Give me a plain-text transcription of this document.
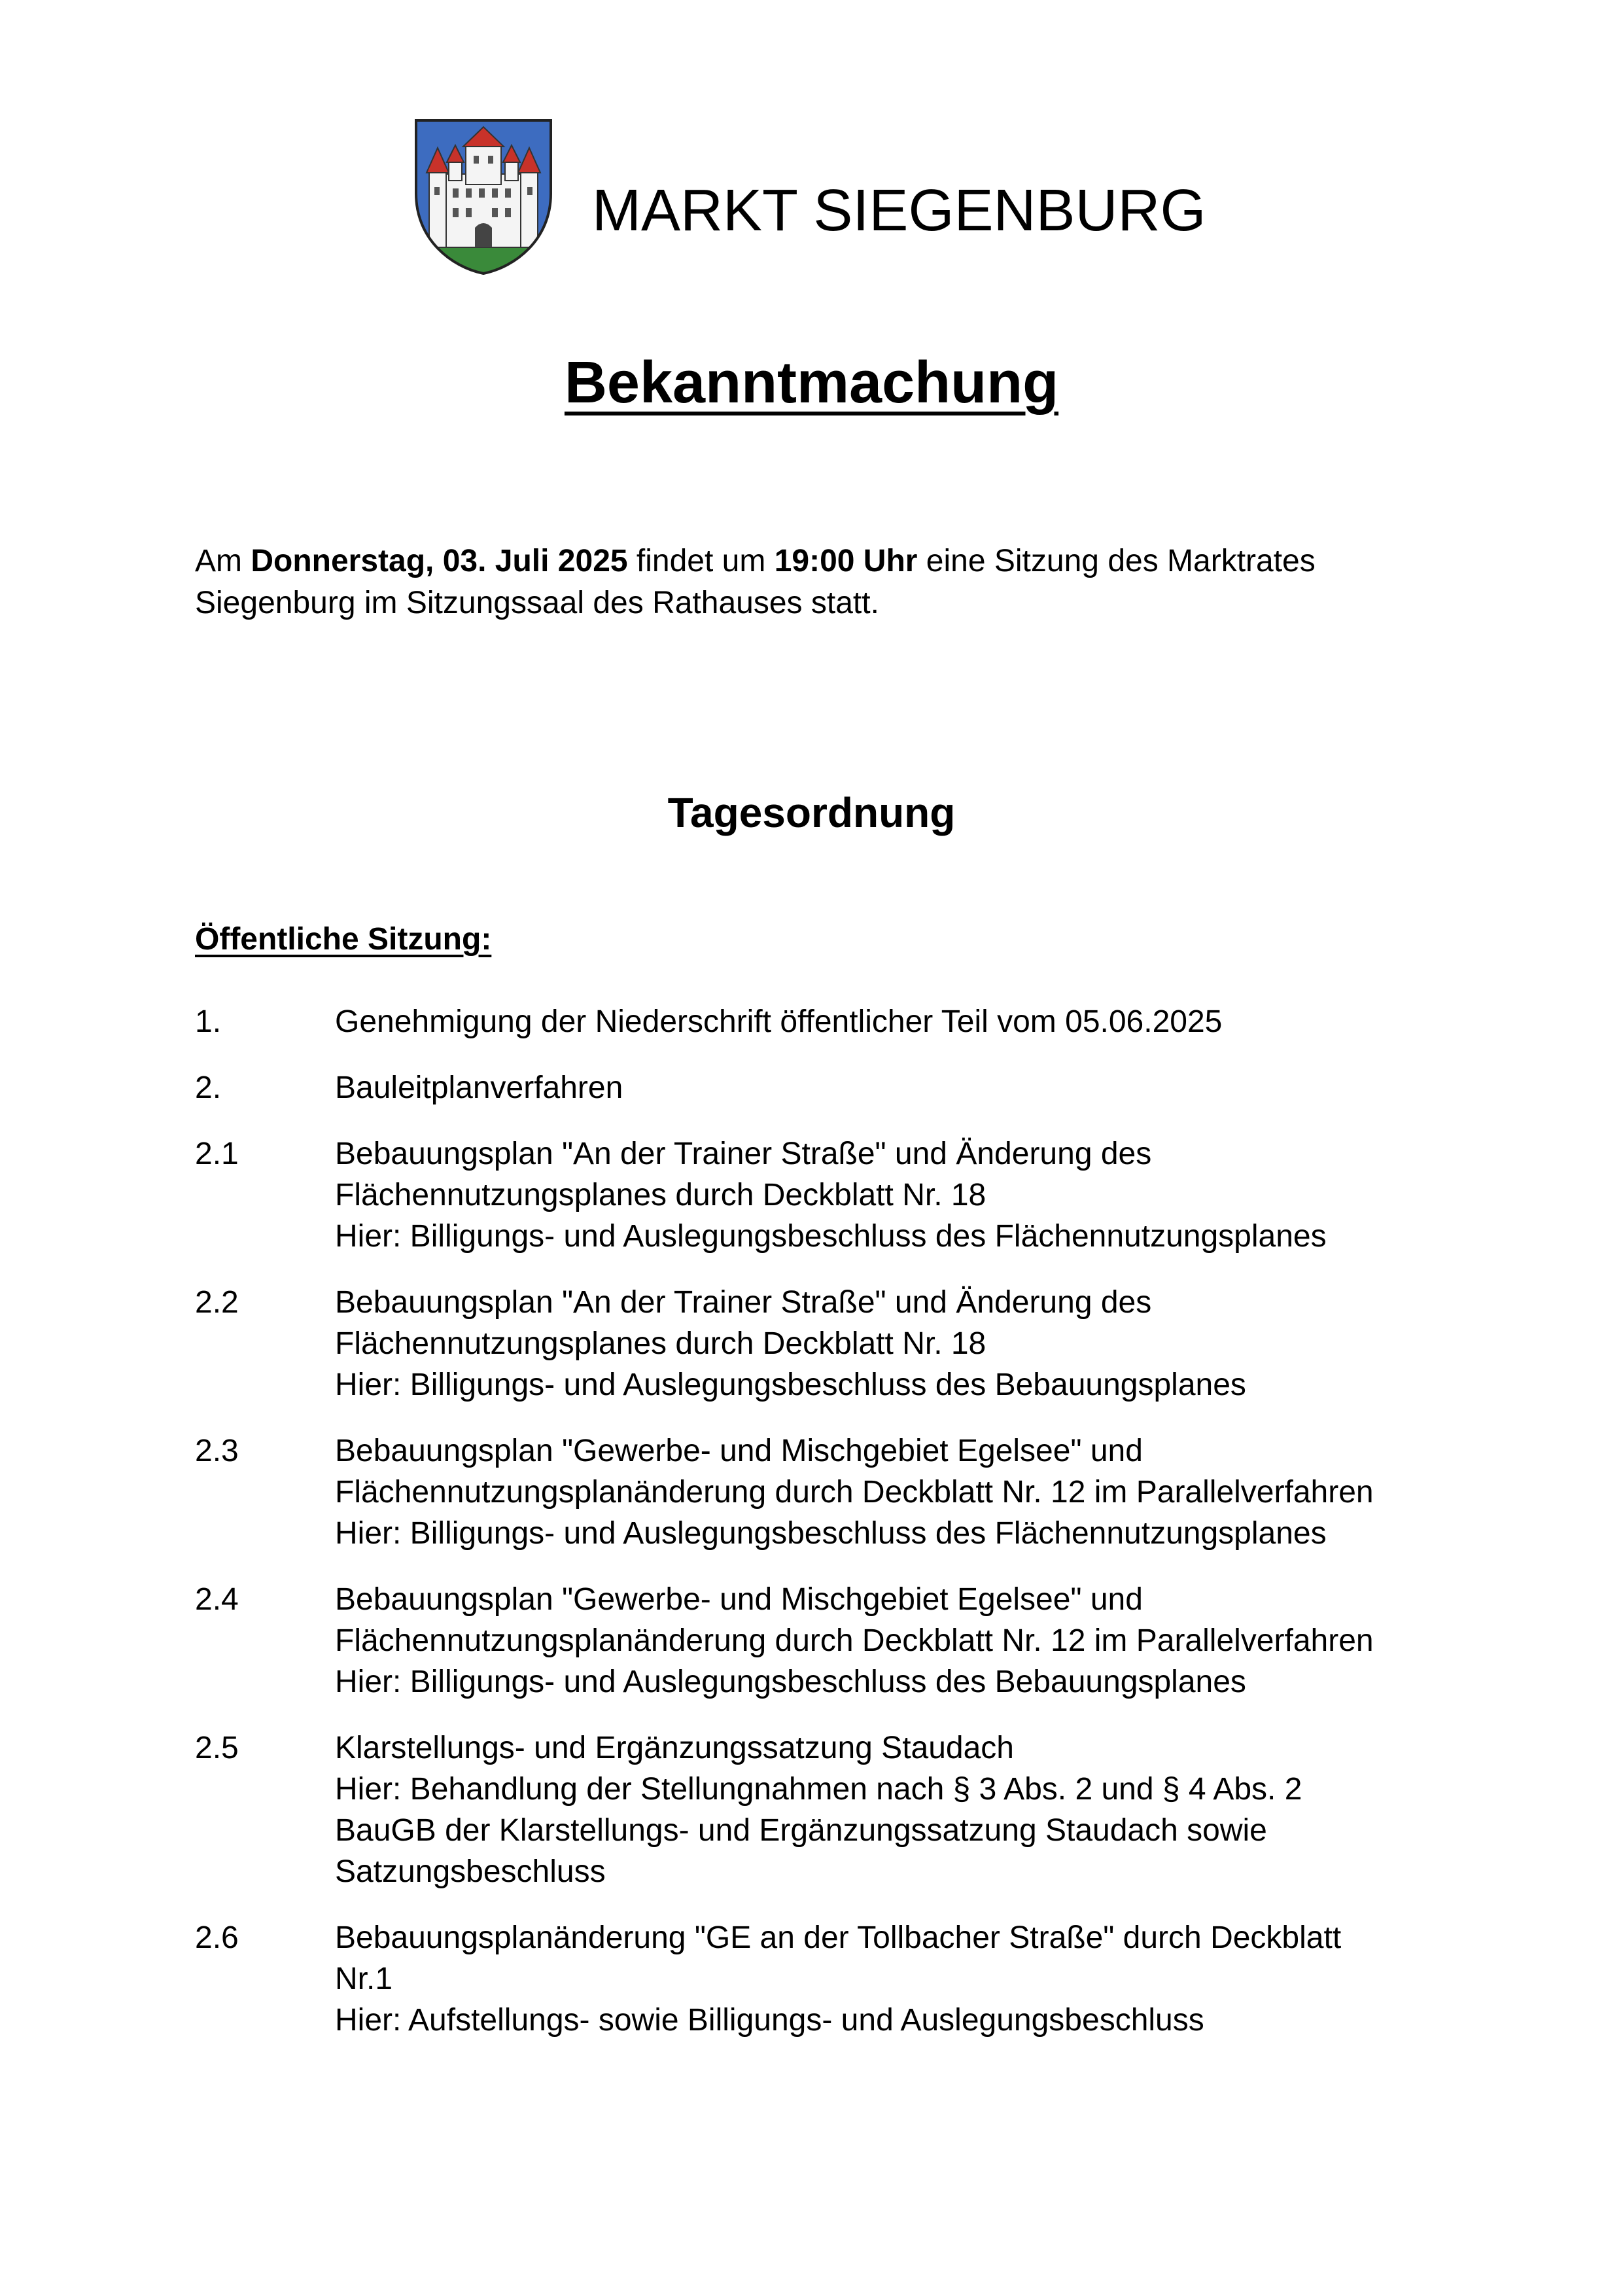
MARKT SIEGENBURG
Bekanntmachung

Am Donnerstag, 03. Juli 2025 findet um 19:00 Uhr eine Sitzung des Marktrates Siegenburg im Sitzungssaal des Rathauses statt.

Tagesordnung
Öffentliche Sitzung:
1.	Genehmigung der Niederschrift öffentlicher Teil vom 05.06.2025
2.	Bauleitplanverfahren
2.1	Bebauungsplan "An der Trainer Straße" und Änderung des
Flächennutzungsplanes durch Deckblatt Nr. 18
Hier: Billigungs- und Auslegungsbeschluss des Flächennutzungsplanes
2.2	Bebauungsplan "An der Trainer Straße" und Änderung des
Flächennutzungsplanes durch Deckblatt Nr. 18
Hier: Billigungs- und Auslegungsbeschluss des Bebauungsplanes
2.3	Bebauungsplan "Gewerbe- und Mischgebiet Egelsee" und
Flächennutzungsplanänderung durch Deckblatt Nr. 12 im Parallelverfahren
Hier: Billigungs- und Auslegungsbeschluss des Flächennutzungsplanes
2.4	Bebauungsplan "Gewerbe- und Mischgebiet Egelsee" und
Flächennutzungsplanänderung durch Deckblatt Nr. 12 im Parallelverfahren
Hier: Billigungs- und Auslegungsbeschluss des Bebauungsplanes
2.5	Klarstellungs- und Ergänzungssatzung Staudach
Hier: Behandlung der Stellungnahmen nach § 3 Abs. 2 und § 4 Abs. 2
BauGB der Klarstellungs- und Ergänzungssatzung Staudach sowie
Satzungsbeschluss
2.6	Bebauungsplanänderung "GE an der Tollbacher Straße" durch Deckblatt
Nr.1
Hier: Aufstellungs- sowie Billigungs- und Auslegungsbeschluss
